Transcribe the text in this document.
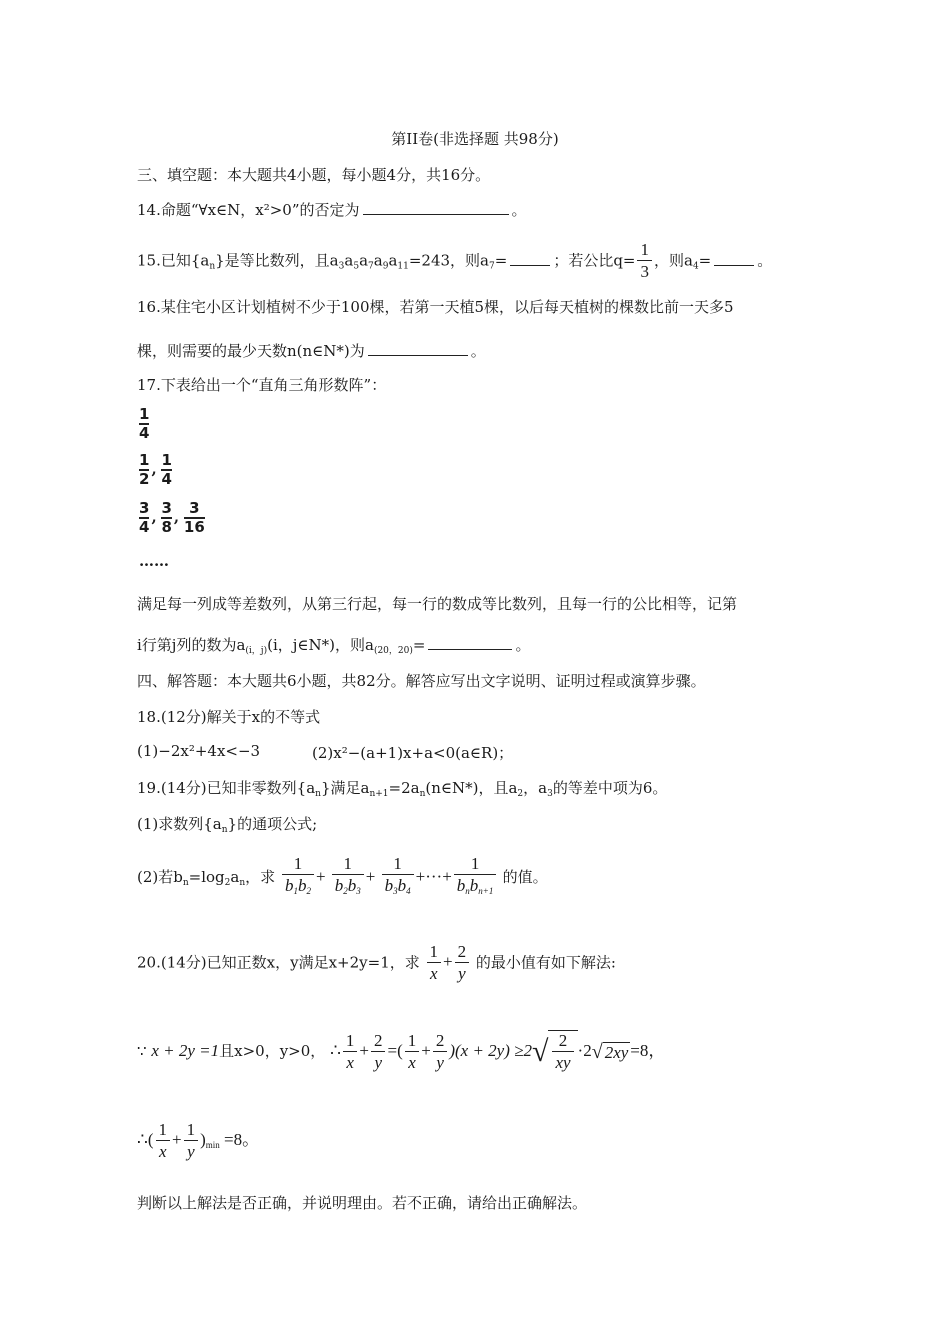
第II卷(非选择题 共98分)
三、填空题：本大题共4小题，每小题4分，共16分。
14.命题“∀x∈N，x²>0”的否定为	。
15.已知$\{a_n\}$是等比数列，且$a_3a_5a_7a_9a_{11}=243$，则$a_7=$	；若公比$q= \frac{1}{3}$ ，则$a_4=$	。
16.某住宅小区计划植树不少于100棵，若第一天植5棵，以后每天植树的棵数比前一天多5
棵，则需要的最少天数n(n∈N*)为	。
17.下表给出一个“直角三角形数阵”：
$\frac{1}{4}$
$\frac{1}{2}$ , $\frac{1}{4}$
$\frac{3}{4}$ , $\frac{3}{8}$ , $\frac{3}{16}$
……
满足每一列成等差数列，从第三行起，每一行的数成等比数列，且每一行的公比相等，记第
i行第j列的数为$a_{(i,j)}(i$，j∈N*)，则$a_{(20,20)}=$	。
四、解答题：本大题共6小题，共82分。解答应写出文字说明、证明过程或演算步骤。
18.(12分)解关于x的不等式
(1)−2x²+4x<−3	(2)x²−(a+1)x+a<0(a∈R)；
19.(14分)已知非零数列$\{a_n\}$满足$a_{n+1}=2a_n(n\in N*)$，且$a_2$，$a_3$的等差中项为6。
(1)求数列$\{a_n\}$的通项公式;
(2)若$b_n=\log_2a_n$，求 $\frac{1}{b_1b_2} + \frac{1}{b_2b_3} + \frac{1}{b_3b_4}$ +···+ $\frac{1}{b_nb_{n+1}}$ 的值。
20.(14分)已知正数x，y满足x+2y=1，求 $\frac{1}{x} + \frac{2}{y}$ 的最小值有如下解法:
∵ x + 2y =1且x>0，y>0， ∴ $\frac{1}{x} + \frac{2}{y}$ =( $\frac{1}{x} + \frac{2}{y} )(x + 2y) \ge 2$ √ $\frac{2}{xy} \cdot 2$ √ 2xy =8，
∴( $\frac{1}{x} + \frac{1}{y} )_{min} =8$。
判断以上解法是否正确，并说明理由。若不正确，请给出正确解法。
